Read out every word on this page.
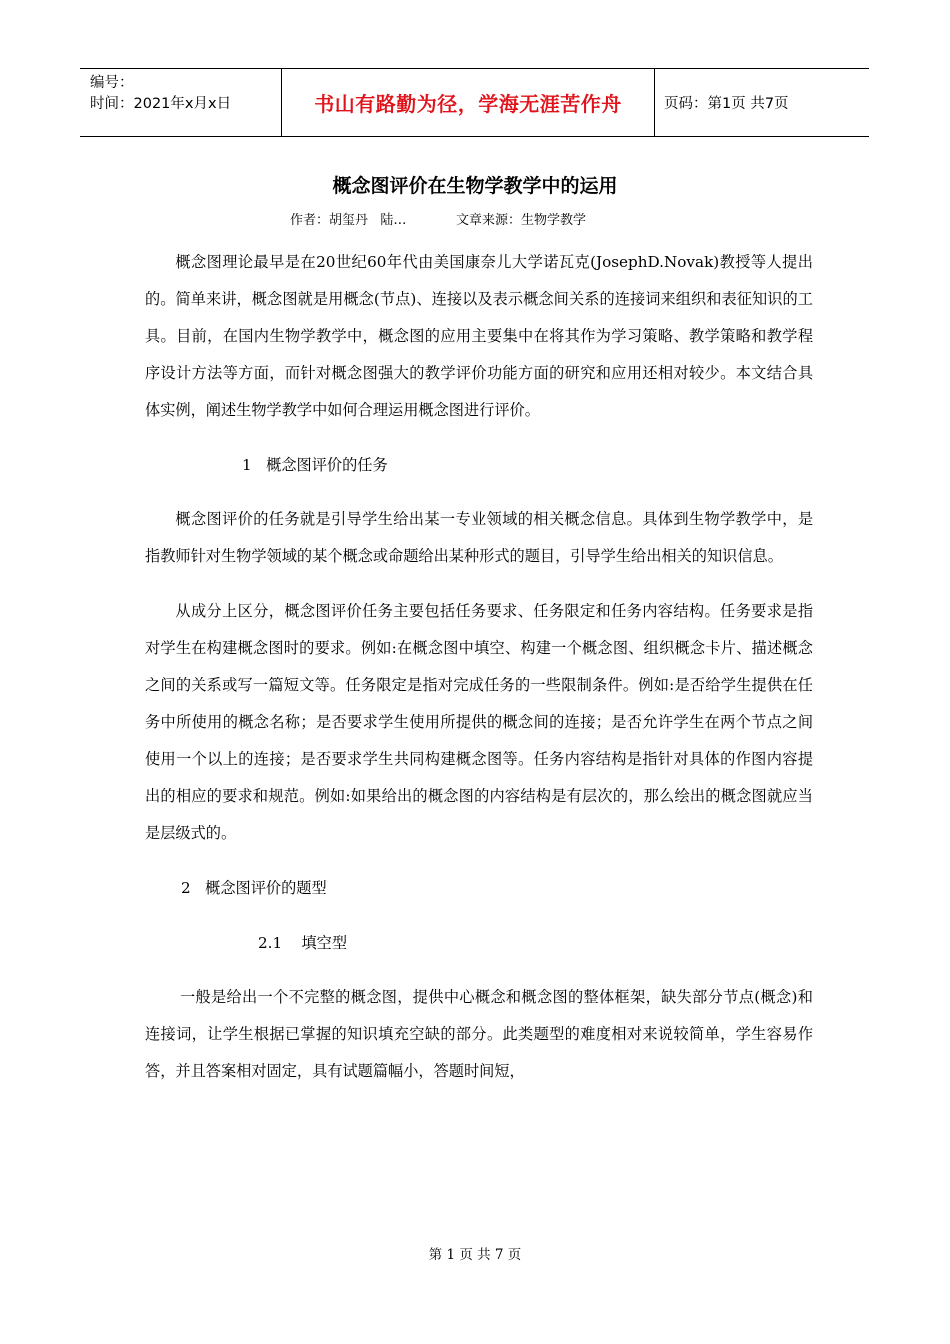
编号：
时间：2021年x月x日	书山有路勤为径，学海无涯苦作舟	页码：第1页 共7页
概念图评价在生物学教学中的运用
作者：胡玺丹   陆…            文章来源：生物学教学

概念图理论最早是在20世纪60年代由美国康奈儿大学诺瓦克(JosephD.Novak)教授等人提出的。简单来讲，概念图就是用概念(节点)、连接以及表示概念间关系的连接词来组织和表征知识的工具。目前，在国内生物学教学中，概念图的应用主要集中在将其作为学习策略、教学策略和教学程序设计方法等方面，而针对概念图强大的教学评价功能方面的研究和应用还相对较少。本文结合具体实例，阐述生物学教学中如何合理运用概念图进行评价。

1   概念图评价的任务

概念图评价的任务就是引导学生给出某一专业领域的相关概念信息。具体到生物学教学中，是指教师针对生物学领域的某个概念或命题给出某种形式的题目，引导学生给出相关的知识信息。

从成分上区分，概念图评价任务主要包括任务要求、任务限定和任务内容结构。任务要求是指对学生在构建概念图时的要求。例如:在概念图中填空、构建一个概念图、组织概念卡片、描述概念之间的关系或写一篇短文等。任务限定是指对完成任务的一些限制条件。例如:是否给学生提供在任务中所使用的概念名称；是否要求学生使用所提供的概念间的连接；是否允许学生在两个节点之间使用一个以上的连接；是否要求学生共同构建概念图等。任务内容结构是指针对具体的作图内容提出的相应的要求和规范。例如:如果给出的概念图的内容结构是有层次的，那么绘出的概念图就应当是层级式的。

2   概念图评价的题型

2.1    填空型

一般是给出一个不完整的概念图，提供中心概念和概念图的整体框架，缺失部分节点(概念)和连接词，让学生根据已掌握的知识填充空缺的部分。此类题型的难度相对来说较简单，学生容易作答，并且答案相对固定，具有试题篇幅小，答题时间短，

第 1 页 共 7 页
